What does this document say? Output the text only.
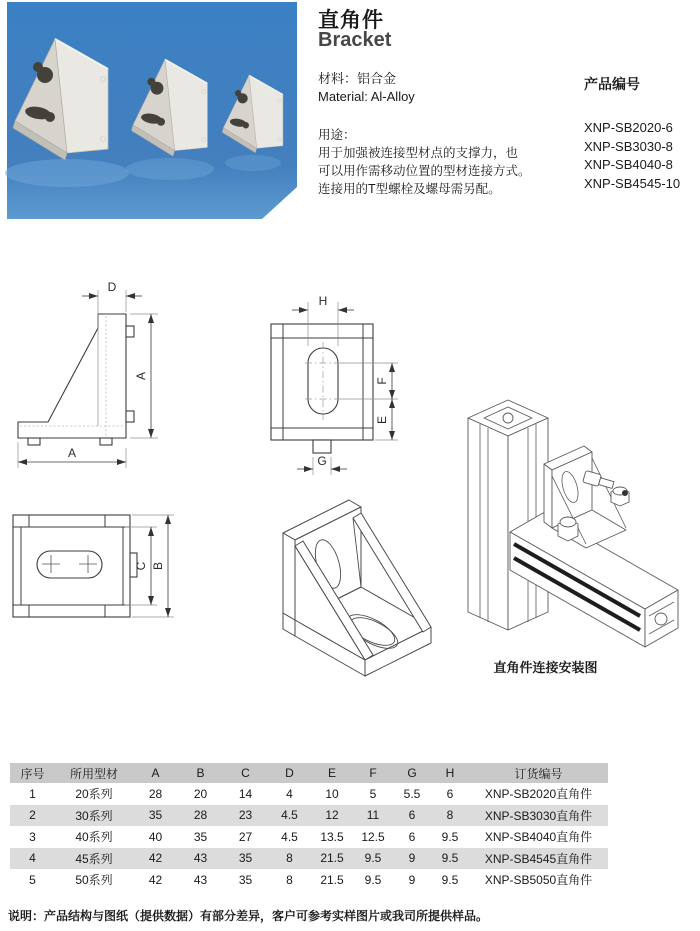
直角件
Bracket
材料：铝合金
Material: Al-Alloy
用途：
用于加强被连接型材点的支撑力，也
可以用作需移动位置的型材连接方式。
连接用的T型螺栓及螺母需另配。
产品编号
XNP-SB2020-6
XNP-SB3030-8
XNP-SB4040-8
XNP-SB4545-10
D
A
A
H
F
E
G
C B
直角件连接安装图
序号	所用型材	A	B	C	D	E	F	G	H	订货编号
1	20系列	28	20	14	4	10	5	5.5	6	XNP-SB2020直角件
2	30系列	35	28	23	4.5	12	11	6	8	XNP-SB3030直角件
3	40系列	40	35	27	4.5	13.5	12.5	6	9.5	XNP-SB4040直角件
4	45系列	42	43	35	8	21.5	9.5	9	9.5	XNP-SB4545直角件
5	50系列	42	43	35	8	21.5	9.5	9	9.5	XNP-SB5050直角件
说明：产品结构与图纸（提供数据）有部分差异，客户可参考实样图片或我司所提供样品。
